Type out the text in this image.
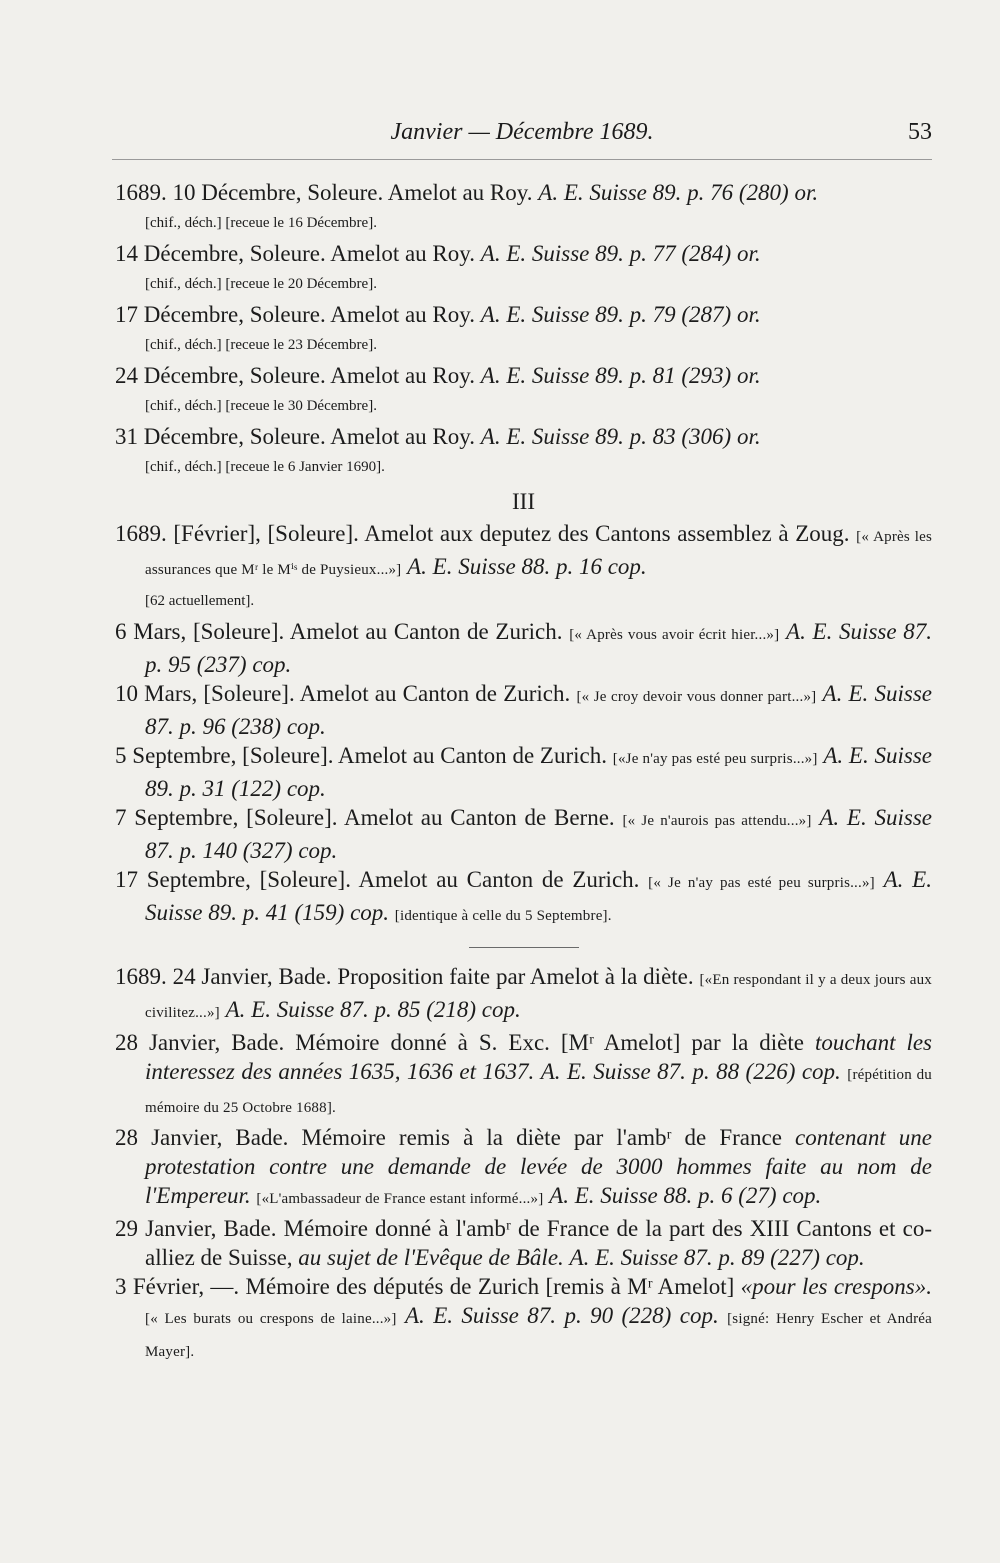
Janvier — Décembre 1689.	53

1689. 10 Décembre, Soleure. Amelot au Roy. A. E. Suisse 89. p. 76 (280) or.

[chif., déch.] [receue le 16 Décembre].

14 Décembre, Soleure. Amelot au Roy. A. E. Suisse 89. p. 77 (284) or.

[chif., déch.] [receue le 20 Décembre].

17 Décembre, Soleure. Amelot au Roy. A. E. Suisse 89. p. 79 (287) or.

[chif., déch.] [receue le 23 Décembre].

24 Décembre, Soleure. Amelot au Roy. A. E. Suisse 89. p. 81 (293) or.

[chif., déch.] [receue le 30 Décembre].

31 Décembre, Soleure. Amelot au Roy. A. E. Suisse 89. p. 83 (306) or.

[chif., déch.] [receue le 6 Janvier 1690].
III

1689. [Février], [Soleure]. Amelot aux deputez des Cantons assemblez à Zoug. [« Après les assurances que Mʳ le Mⁱˢ de Puysieux...»] A. E. Suisse 88. p. 16 cop.

[62 actuellement].

6 Mars, [Soleure]. Amelot au Canton de Zurich. [« Après vous avoir écrit hier...»] A. E. Suisse 87. p. 95 (237) cop.

10 Mars, [Soleure]. Amelot au Canton de Zurich. [« Je croy devoir vous donner part...»] A. E. Suisse 87. p. 96 (238) cop.

5 Septembre, [Soleure]. Amelot au Canton de Zurich. [«Je n'ay pas esté peu surpris...»] A. E. Suisse 89. p. 31 (122) cop.

7 Septembre, [Soleure]. Amelot au Canton de Berne. [« Je n'aurois pas attendu...»] A. E. Suisse 87. p. 140 (327) cop.

17 Septembre, [Soleure]. Amelot au Canton de Zurich. [« Je n'ay pas esté peu surpris...»] A. E. Suisse 89. p. 41 (159) cop. [identique à celle du 5 Septembre].

1689. 24 Janvier, Bade. Proposition faite par Amelot à la diète. [«En respondant il y a deux jours aux civilitez...»] A. E. Suisse 87. p. 85 (218) cop.

28 Janvier, Bade. Mémoire donné à S. Exc. [Mʳ Amelot] par la diète touchant les interessez des années 1635, 1636 et 1637. A. E. Suisse 87. p. 88 (226) cop. [répétition du mémoire du 25 Octobre 1688].

28 Janvier, Bade. Mémoire remis à la diète par l'ambʳ de France contenant une protestation contre une demande de levée de 3000 hommes faite au nom de l'Empereur. [«L'ambassadeur de France estant informé...»] A. E. Suisse 88. p. 6 (27) cop.

29 Janvier, Bade. Mémoire donné à l'ambʳ de France de la part des XIII Cantons et co-alliez de Suisse, au sujet de l'Evêque de Bâle. A. E. Suisse 87. p. 89 (227) cop.

3 Février, —. Mémoire des députés de Zurich [remis à Mʳ Amelot] «pour les crespons». [« Les burats ou crespons de laine...»] A. E. Suisse 87. p. 90 (228) cop. [signé: Henry Escher et Andréa Mayer].
